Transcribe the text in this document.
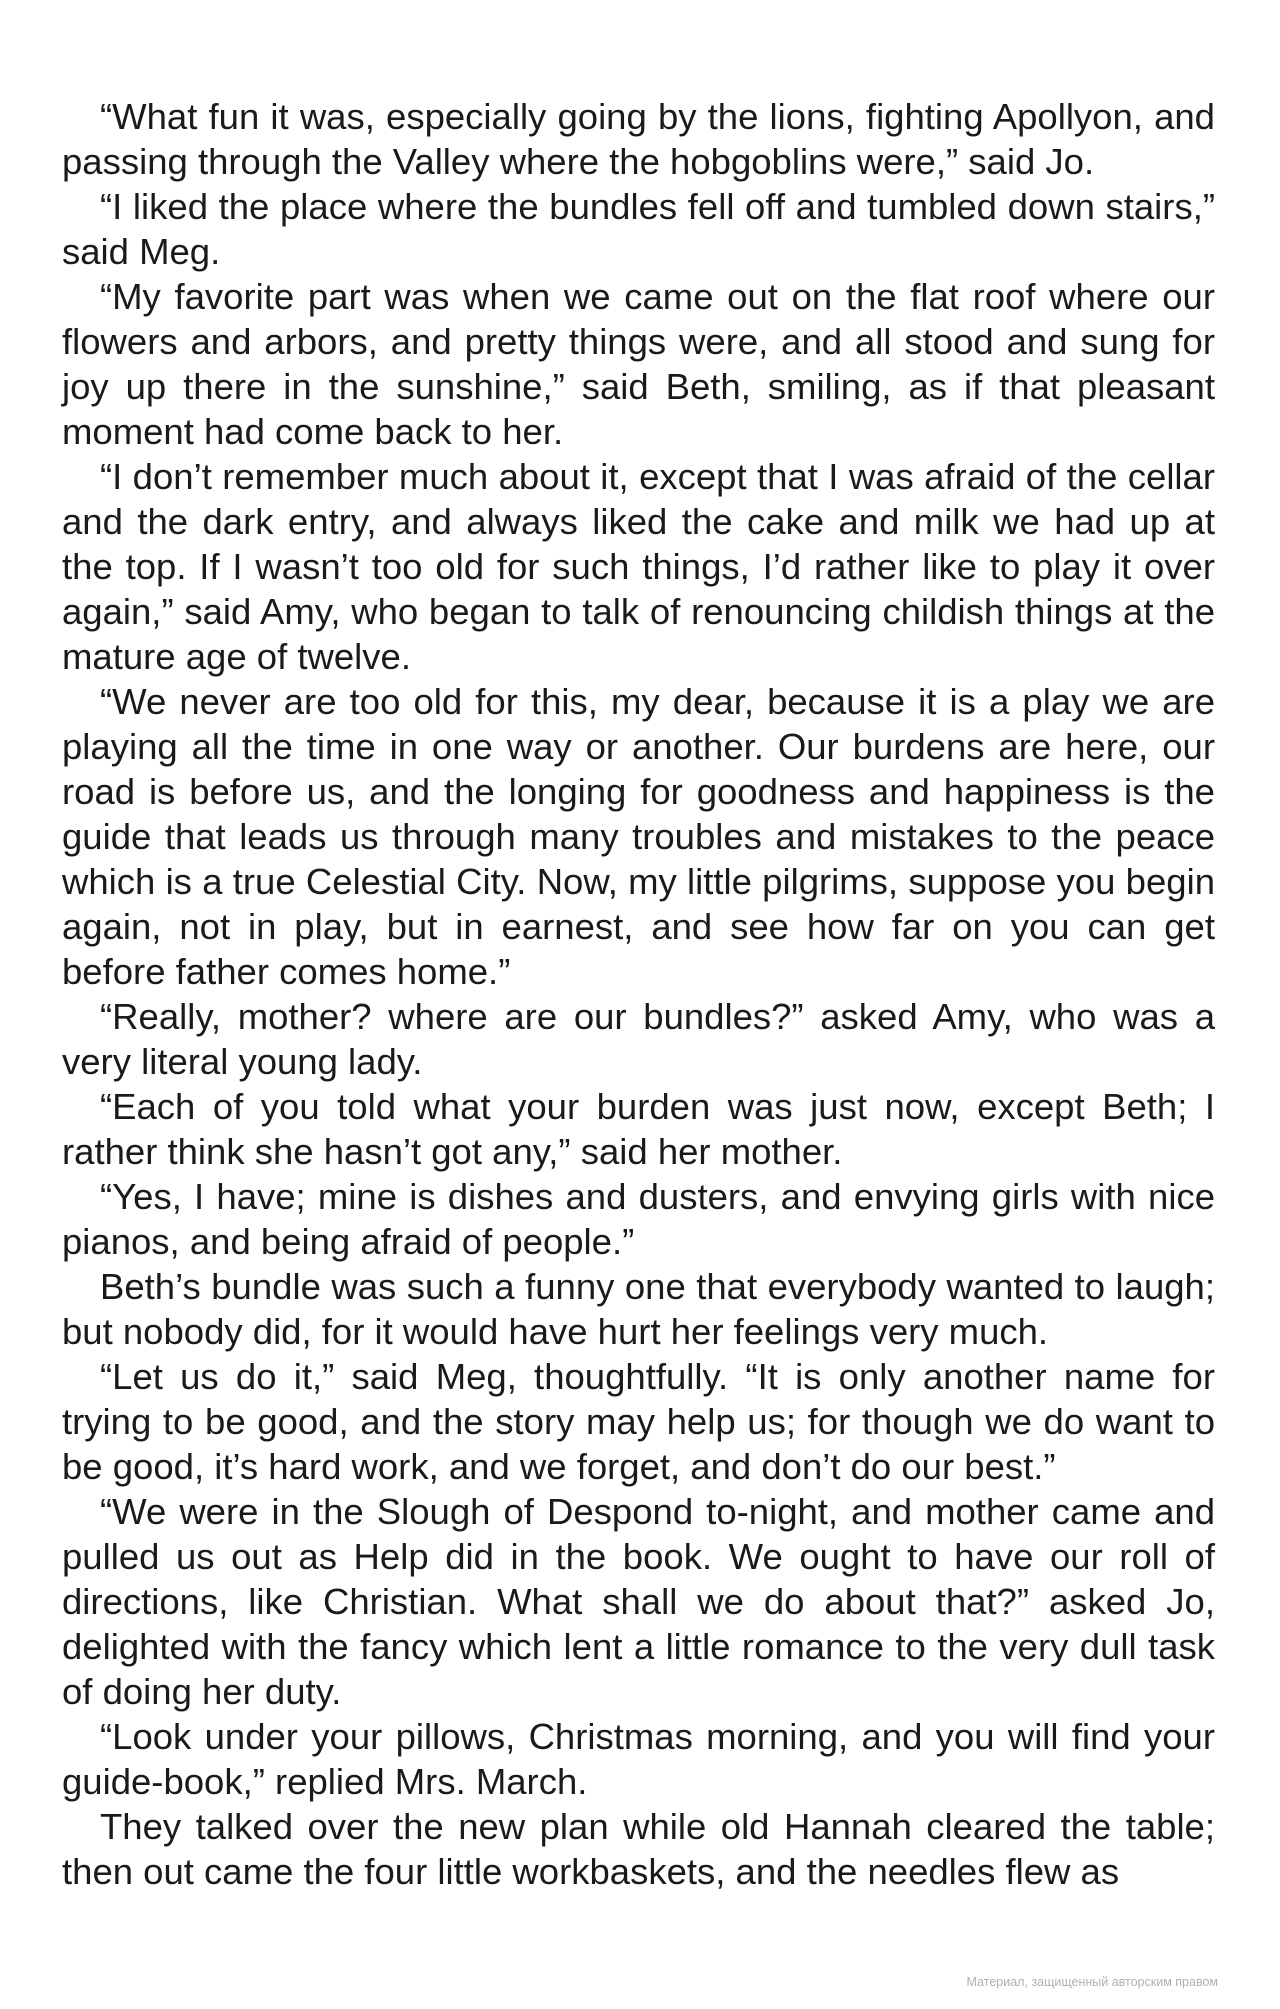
“What fun it was, especially going by the lions, fighting Apollyon, and passing through the Valley where the hobgoblins were,” said Jo.

“I liked the place where the bundles fell off and tumbled down stairs,” said Meg.

“My favorite part was when we came out on the flat roof where our flowers and arbors, and pretty things were, and all stood and sung for joy up there in the sunshine,” said Beth, smiling, as if that pleasant moment had come back to her.

“I don’t remember much about it, except that I was afraid of the cellar and the dark entry, and always liked the cake and milk we had up at the top. If I wasn’t too old for such things, I’d rather like to play it over again,” said Amy, who began to talk of renouncing childish things at the mature age of twelve.

“We never are too old for this, my dear, because it is a play we are playing all the time in one way or another. Our burdens are here, our road is before us, and the longing for goodness and happiness is the guide that leads us through many troubles and mistakes to the peace which is a true Celestial City. Now, my little pilgrims, suppose you begin again, not in play, but in earnest, and see how far on you can get before father comes home.”

“Really, mother? where are our bundles?” asked Amy, who was a very literal young lady.

“Each of you told what your burden was just now, except Beth; I rather think she hasn’t got any,” said her mother.

“Yes, I have; mine is dishes and dusters, and envying girls with nice pianos, and being afraid of people.”

Beth’s bundle was such a funny one that everybody wanted to laugh; but nobody did, for it would have hurt her feelings very much.

“Let us do it,” said Meg, thoughtfully. “It is only another name for trying to be good, and the story may help us; for though we do want to be good, it’s hard work, and we forget, and don’t do our best.”

“We were in the Slough of Despond to-night, and mother came and pulled us out as Help did in the book. We ought to have our roll of directions, like Christian. What shall we do about that?” asked Jo, delighted with the fancy which lent a little romance to the very dull task of doing her duty.

“Look under your pillows, Christmas morning, and you will find your guide-book,” replied Mrs. March.

They talked over the new plan while old Hannah cleared the table; then out came the four little workbaskets, and the needles flew as

Материал, защищенный авторским правом
